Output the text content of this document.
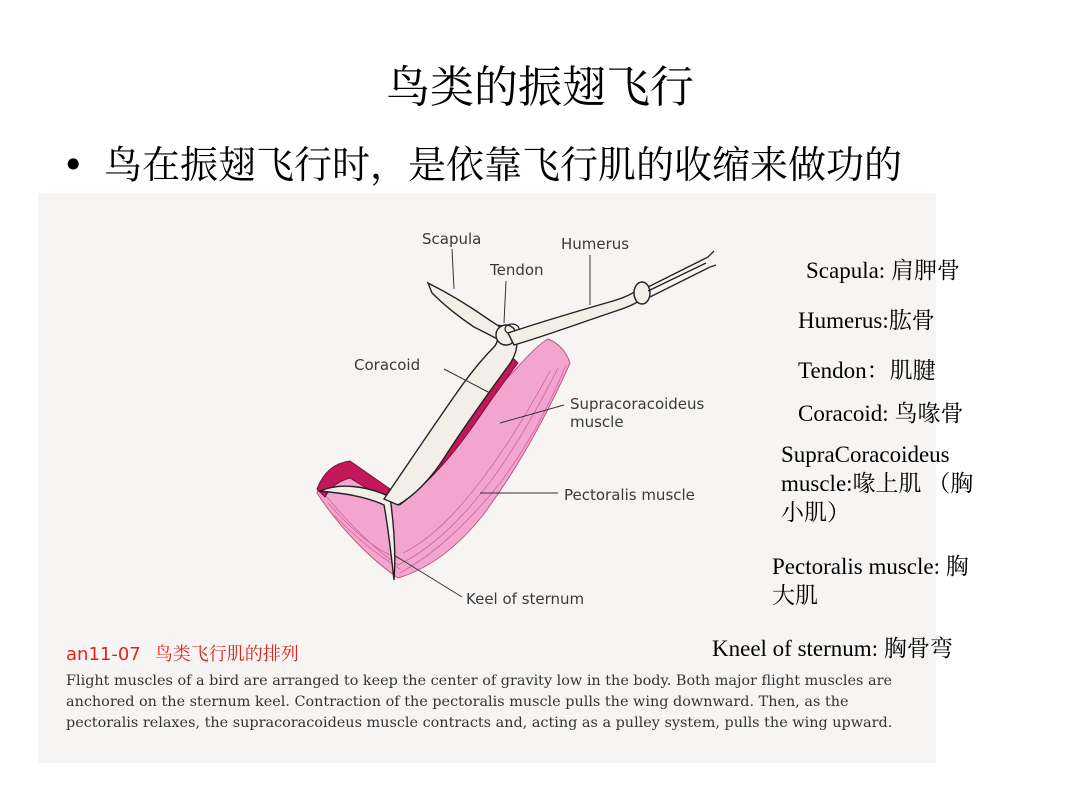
鸟类的振翅飞行
• 鸟在振翅飞行时，是依靠飞行肌的收缩来做功的
Scapula	Humerus
Tendon
Coracoid
Supracoracoideus
muscle
Pectoralis muscle
Keel of sternum
an11-07 鸟类飞行肌的排列
Flight muscles of a bird are arranged to keep the center of gravity low in the body. Both major flight muscles are anchored on the sternum keel. Contraction of the pectoralis muscle pulls the wing downward. Then, as the pectoralis relaxes, the supracoracoideus muscle contracts and, acting as a pulley system, pulls the wing upward.
Scapula: 肩胛骨
Humerus:肱骨
Tendon：肌腱
Coracoid: 鸟喙骨
SupraCoracoideus
muscle:喙上肌 （胸
小肌）
Pectoralis muscle: 胸
大肌
Kneel of sternum: 胸骨弯
